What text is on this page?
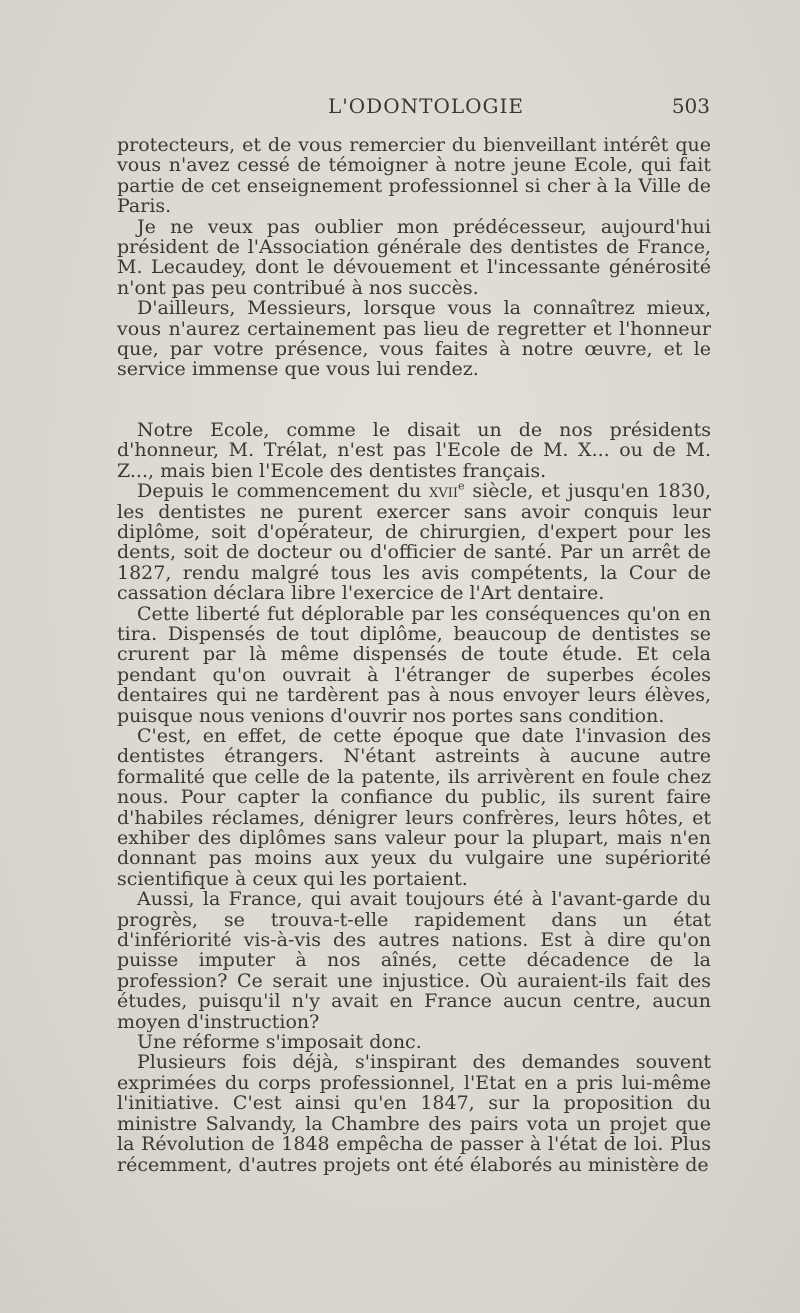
L'ODONTOLOGIE	503

protecteurs, et de vous remercier du bienveillant intérêt que vous n'avez cessé de témoigner à notre jeune Ecole, qui fait partie de cet enseignement professionnel si cher à la Ville de Paris.

Je ne veux pas oublier mon prédécesseur, aujourd'hui président de l'Association générale des dentistes de France, M. Lecaudey, dont le dévouement et l'incessante générosité n'ont pas peu contribué à nos succès.

D'ailleurs, Messieurs, lorsque vous la connaîtrez mieux, vous n'aurez certainement pas lieu de regretter et l'honneur que, par votre présence, vous faites à notre œuvre, et le service immense que vous lui rendez.

Notre Ecole, comme le disait un de nos présidents d'honneur, M. Trélat, n'est pas l'Ecole de M. X... ou de M. Z..., mais bien l'Ecole des dentistes français.

Depuis le commencement du xvii$^e$ siècle, et jusqu'en 1830, les dentistes ne purent exercer sans avoir conquis leur diplôme, soit d'opérateur, de chirurgien, d'expert pour les dents, soit de docteur ou d'officier de santé. Par un arrêt de 1827, rendu malgré tous les avis compétents, la Cour de cassation déclara libre l'exercice de l'Art dentaire.

Cette liberté fut déplorable par les conséquences qu'on en tira. Dispensés de tout diplôme, beaucoup de dentistes se crurent par là même dispensés de toute étude. Et cela pendant qu'on ouvrait à l'étranger de superbes écoles dentaires qui ne tardèrent pas à nous envoyer leurs élèves, puisque nous venions d'ouvrir nos portes sans condition.

C'est, en effet, de cette époque que date l'invasion des dentistes étrangers. N'étant astreints à aucune autre formalité que celle de la patente, ils arrivèrent en foule chez nous. Pour capter la confiance du public, ils surent faire d'habiles réclames, dénigrer leurs confrères, leurs hôtes, et exhiber des diplômes sans valeur pour la plupart, mais n'en donnant pas moins aux yeux du vulgaire une supériorité scientifique à ceux qui les portaient.

Aussi, la France, qui avait toujours été à l'avant-garde du progrès, se trouva-t-elle rapidement dans un état d'infériorité vis-à-vis des autres nations. Est à dire qu'on puisse imputer à nos aînés, cette décadence de la profession? Ce serait une injustice. Où auraient-ils fait des études, puisqu'il n'y avait en France aucun centre, aucun moyen d'instruction?

Une réforme s'imposait donc.

Plusieurs fois déjà, s'inspirant des demandes souvent exprimées du corps professionnel, l'Etat en a pris lui-même l'initiative. C'est ainsi qu'en 1847, sur la proposition du ministre Salvandy, la Chambre des pairs vota un projet que la Révolution de 1848 empêcha de passer à l'état de loi. Plus récemment, d'autres projets ont été élaborés au ministère de
